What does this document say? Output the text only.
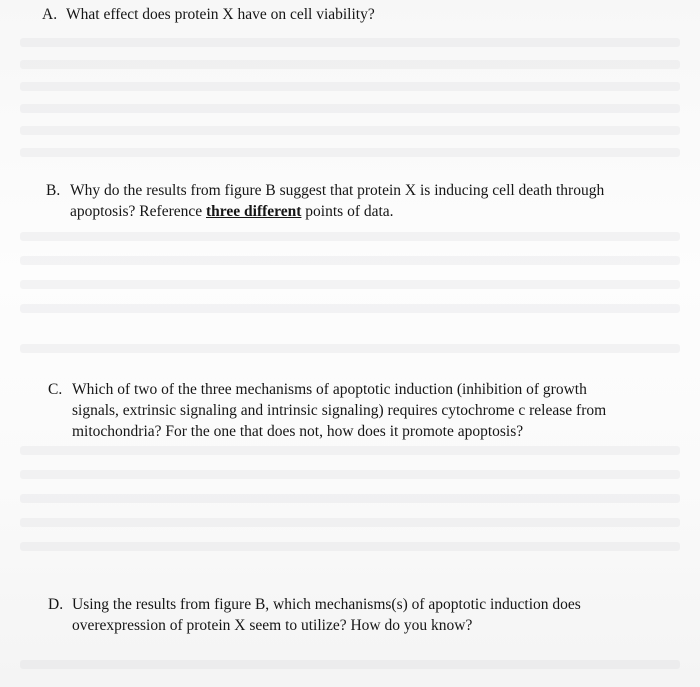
A. What effect does protein X have on cell viability?
B. Why do the results from figure B suggest that protein X is inducing cell death through
apoptosis? Reference three different points of data.
C. Which of two of the three mechanisms of apoptotic induction (inhibition of growth
signals, extrinsic signaling and intrinsic signaling) requires cytochrome c release from
mitochondria? For the one that does not, how does it promote apoptosis?
D. Using the results from figure B, which mechanisms(s) of apoptotic induction does
overexpression of protein X seem to utilize? How do you know?
